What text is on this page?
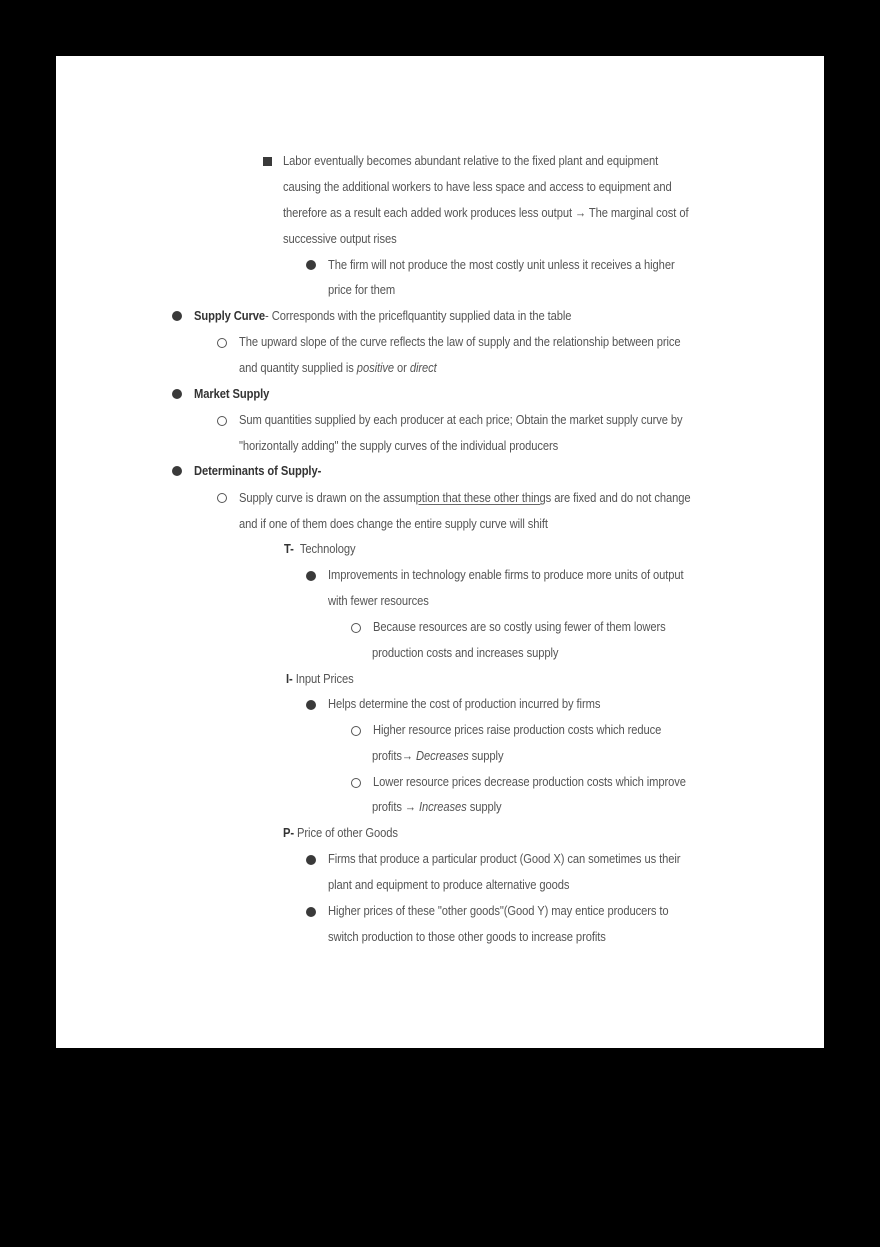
Labor eventually becomes abundant relative to the fixed plant and equipment
causing the additional workers to have less space and access to equipment and
therefore as a result each added work produces less output → The marginal cost of
successive output rises
The firm will not produce the most costly unit unless it receives a higher
price for them
Supply Curve- Corresponds with the priceflquantity supplied data in the table
The upward slope of the curve reflects the law of supply and the relationship between price
and quantity supplied is positive or direct
Market Supply
Sum quantities supplied by each producer at each price; Obtain the market supply curve by
"horizontally adding" the supply curves of the individual producers
Determinants of Supply-
Supply curve is drawn on the assumption that these other things are fixed and do not change
and if one of them does change the entire supply curve will shift
T- Technology
Improvements in technology enable firms to produce more units of output
with fewer resources
Because resources are so costly using fewer of them lowers
production costs and increases supply
I- Input Prices
Helps determine the cost of production incurred by firms
Higher resource prices raise production costs which reduce
profits→ Decreases supply
Lower resource prices decrease production costs which improve
profits → Increases supply
P- Price of other Goods
Firms that produce a particular product (Good X) can sometimes us their
plant and equipment to produce alternative goods
Higher prices of these "other goods"(Good Y) may entice producers to
switch production to those other goods to increase profits
